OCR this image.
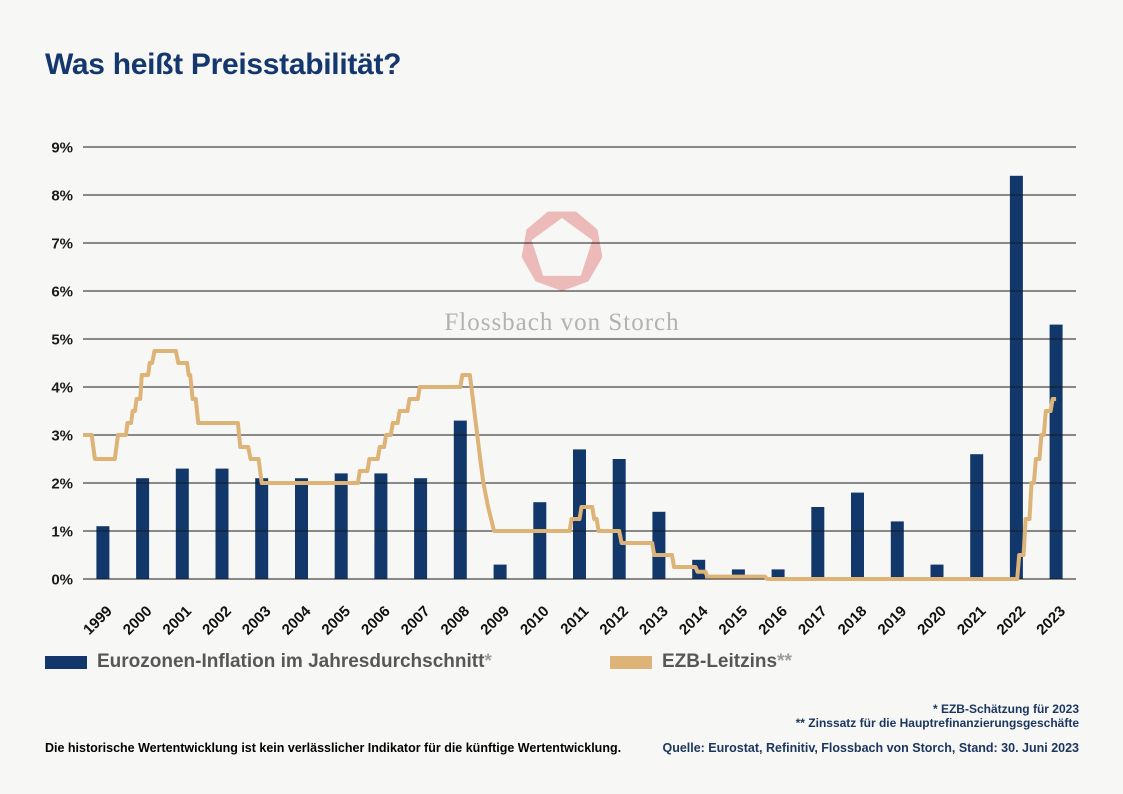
Was heißt Preisstabilität?
Flossbach von Storch
0%
1%
2%
3%
4%
5%
6%
7%
8%
9%
1999 2000 2001 2002 2003 2004 2005 2006 2007 2008 2009 2010 2011 2012 2013 2014 2015 2016 2017 2018 2019 2020 2021 2022 2023
Eurozonen-Inflation im Jahresdurchschnitt *	EZB-Leitzins **
* EZB-Schätzung für 2023
** Zinssatz für die Hauptrefinanzierungsgeschäfte
Die historische Wertentwicklung ist kein verlässlicher Indikator für die künftige Wertentwicklung.	Quelle: Eurostat, Refinitiv, Flossbach von Storch, Stand: 30. Juni 2023
